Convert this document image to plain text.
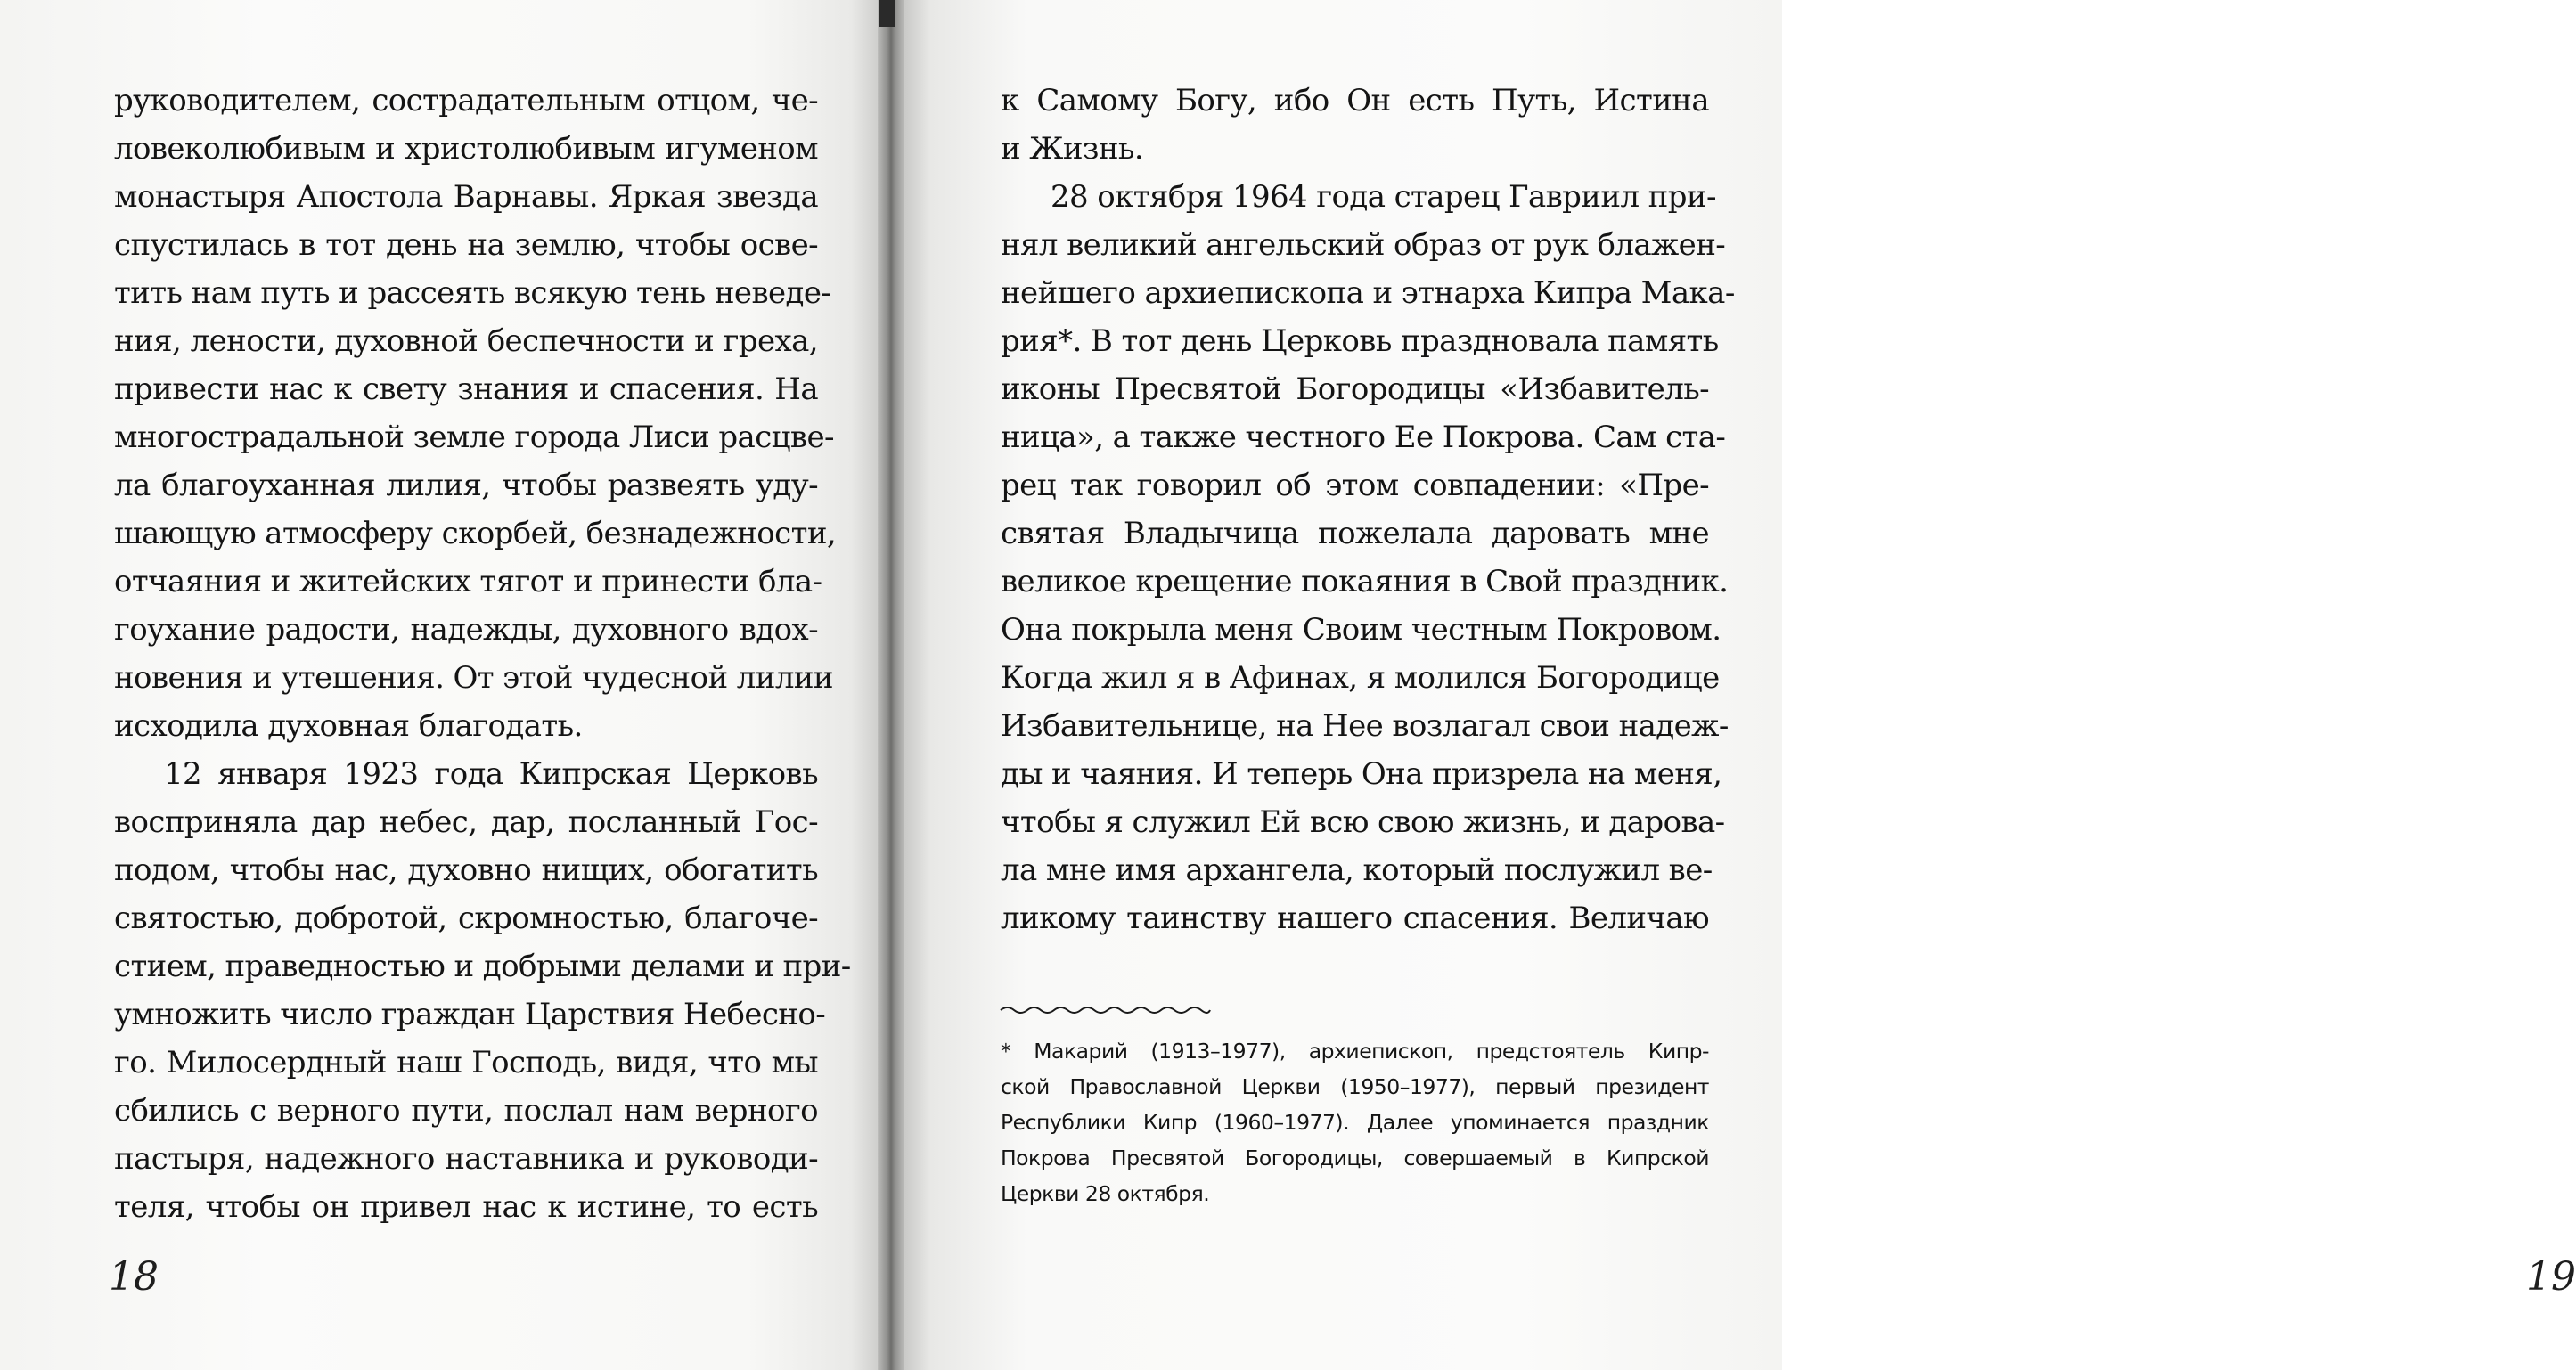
руководителем, сострадательным отцом, че-
ловеколюбивым и христолюбивым игуменом
монастыря Апостола Варнавы. Яркая звезда
спустилась в тот день на землю, чтобы осве-
тить нам путь и рассеять всякую тень неведе-
ния, лености, духовной беспечности и греха,
привести нас к свету знания и спасения. На
многострадальной земле города Лиси расцве-
ла благоуханная лилия, чтобы развеять уду-
шающую атмосферу скорбей, безнадежности,
отчаяния и житейских тягот и принести бла-
гоухание радости, надежды, духовного вдох-
новения и утешения. От этой чудесной лилии
исходила духовная благодать.
12 января 1923 года Кипрская Церковь
восприняла дар небес, дар, посланный Гос-
подом, чтобы нас, духовно нищих, обогатить
святостью, добротой, скромностью, благоче-
стием, праведностью и добрыми делами и при-
умножить число граждан Царствия Небесно-
го. Милосердный наш Господь, видя, что мы
сбились с верного пути, послал нам верного
пастыря, надежного наставника и руководи-
теля, чтобы он привел нас к истине, то есть
18
к Самому Богу, ибо Он есть Путь, Истина
и Жизнь.
28 октября 1964 года старец Гавриил при-
нял великий ангельский образ от рук блажен-
нейшего архиепископа и этнарха Кипра Мака-
рия*. В тот день Церковь праздновала память
иконы Пресвятой Богородицы «Избавитель-
ница», а также честного Ее Покрова. Сам ста-
рец так говорил об этом совпадении: «Пре-
святая Владычица пожелала даровать мне
великое крещение покаяния в Свой праздник.
Она покрыла меня Своим честным Покровом.
Когда жил я в Афинах, я молился Богородице
Избавительнице, на Нее возлагал свои надеж-
ды и чаяния. И теперь Она призрела на меня,
чтобы я служил Ей всю свою жизнь, и дарова-
ла мне имя архангела, который послужил ве-
ликому таинству нашего спасения. Величаю
* Макарий (1913–1977), архиепископ, предстоятель Кипр-
ской Православной Церкви (1950–1977), первый президент
Республики Кипр (1960–1977). Далее упоминается праздник
Покрова Пресвятой Богородицы, совершаемый в Кипрской
Церкви 28 октября.
19
